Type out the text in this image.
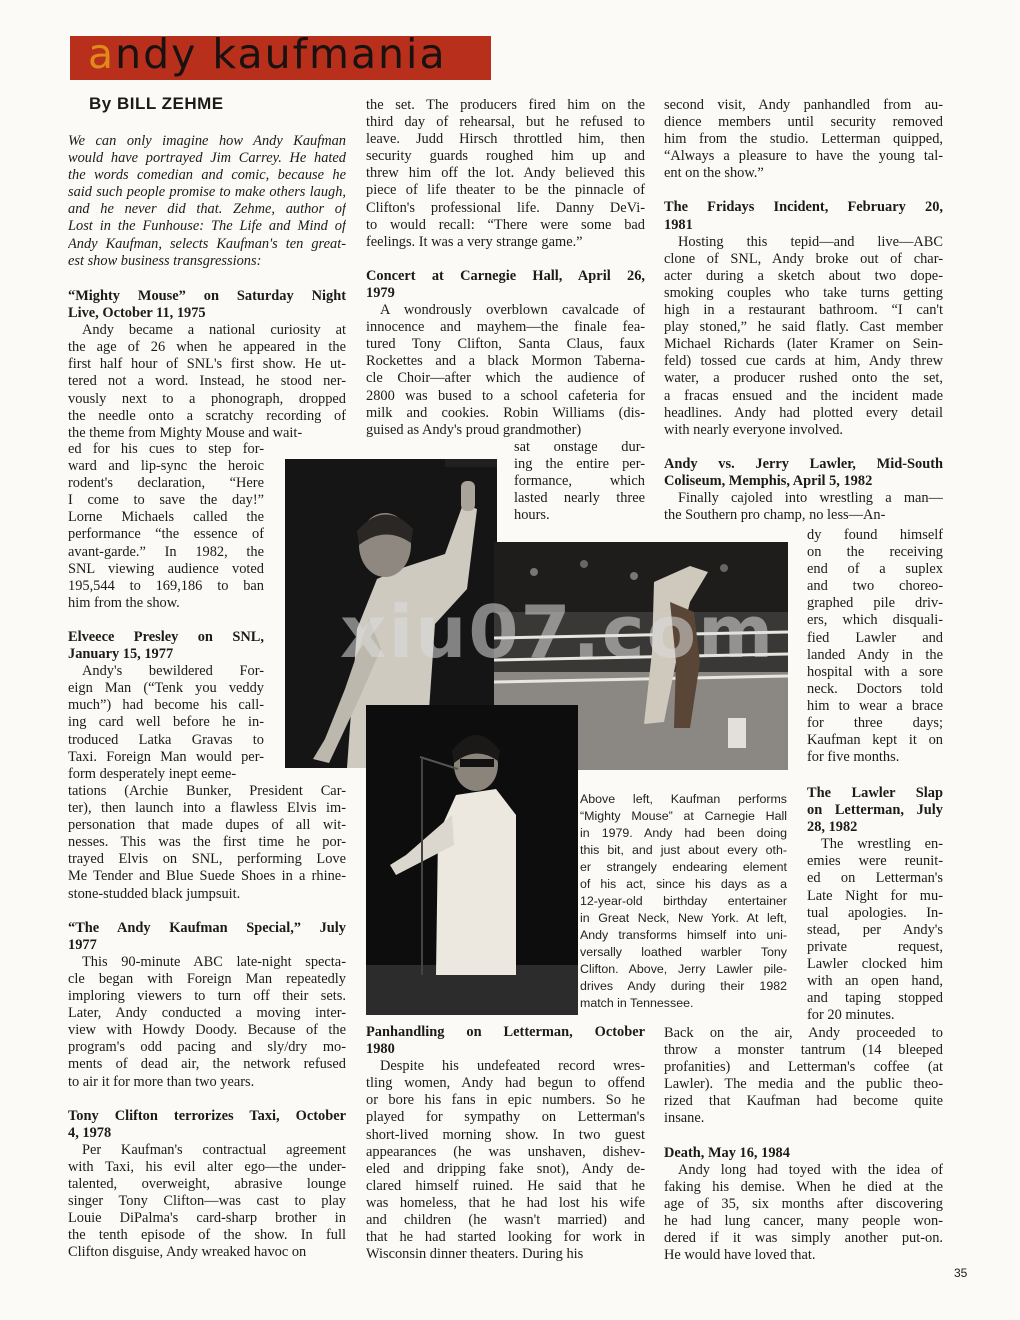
andy kaufmania
By BILL ZEHME
We can only imagine how Andy Kaufman
would have portrayed Jim Carrey. He hated
the words comedian and comic, because he
said such people promise to make others laugh,
and he never did that. Zehme, author of
Lost in the Funhouse: The Life and Mind of
Andy Kaufman, selects Kaufman's ten great-
est show business transgressions:
“Mighty Mouse” on Saturday Night
Live, October 11, 1975
Andy became a national curiosity at
the age of 26 when he appeared in the
first half hour of SNL's first show. He ut-
tered not a word. Instead, he stood ner-
vously next to a phonograph, dropped
the needle onto a scratchy recording of
the theme from Mighty Mouse and wait-
ed for his cues to step for-
ward and lip-sync the heroic
rodent's declaration, “Here
I come to save the day!”
Lorne Michaels called the
performance “the essence of
avant-garde.” In 1982, the
SNL viewing audience voted
195,544 to 169,186 to ban
him from the show.
Elveece Presley on SNL,
January 15, 1977
Andy's bewildered For-
eign Man (“Tenk you veddy
much”) had become his call-
ing card well before he in-
troduced Latka Gravas to
Taxi. Foreign Man would per-
form desperately inept eeme-
tations (Archie Bunker, President Car-
ter), then launch into a flawless Elvis im-
personation that made dupes of all wit-
nesses. This was the first time he por-
trayed Elvis on SNL, performing Love
Me Tender and Blue Suede Shoes in a rhine-
stone-studded black jumpsuit.
“The Andy Kaufman Special,” July
1977
This 90-minute ABC late-night specta-
cle began with Foreign Man repeatedly
imploring viewers to turn off their sets.
Later, Andy conducted a moving inter-
view with Howdy Doody. Because of the
program's odd pacing and sly/dry mo-
ments of dead air, the network refused
to air it for more than two years.
Tony Clifton terrorizes Taxi, October
4, 1978
Per Kaufman's contractual agreement
with Taxi, his evil alter ego—the under-
talented, overweight, abrasive lounge
singer Tony Clifton—was cast to play
Louie DiPalma's card-sharp brother in
the tenth episode of the show. In full
Clifton disguise, Andy wreaked havoc on
the set. The producers fired him on the
third day of rehearsal, but he refused to
leave. Judd Hirsch throttled him, then
security guards roughed him up and
threw him off the lot. Andy believed this
piece of life theater to be the pinnacle of
Clifton's professional life. Danny DeVi-
to would recall: “There were some bad
feelings. It was a very strange game.”
Concert at Carnegie Hall, April 26,
1979
A wondrously overblown cavalcade of
innocence and mayhem—the finale fea-
tured Tony Clifton, Santa Claus, faux
Rockettes and a black Mormon Taberna-
cle Choir—after which the audience of
2800 was bused to a school cafeteria for
milk and cookies. Robin Williams (dis-
guised as Andy's proud grandmother)
sat onstage dur-
ing the entire per-
formance, which
lasted nearly three
hours.
Panhandling on Letterman, October
1980
Despite his undefeated record wres-
tling women, Andy had begun to offend
or bore his fans in epic numbers. So he
played for sympathy on Letterman's
short-lived morning show. In two guest
appearances (he was unshaven, dishev-
eled and dripping fake snot), Andy de-
clared himself ruined. He said that he
was homeless, that he had lost his wife
and children (he wasn't married) and
that he had started looking for work in
Wisconsin dinner theaters. During his
second visit, Andy panhandled from au-
dience members until security removed
him from the studio. Letterman quipped,
“Always a pleasure to have the young tal-
ent on the show.”
The Fridays Incident, February 20,
1981
Hosting this tepid—and live—ABC
clone of SNL, Andy broke out of char-
acter during a sketch about two dope-
smoking couples who take turns getting
high in a restaurant bathroom. “I can't
play stoned,” he said flatly. Cast member
Michael Richards (later Kramer on Sein-
feld) tossed cue cards at him, Andy threw
water, a producer rushed onto the set,
a fracas ensued and the incident made
headlines. Andy had plotted every detail
with nearly everyone involved.
Andy vs. Jerry Lawler, Mid-South
Coliseum, Memphis, April 5, 1982
Finally cajoled into wrestling a man—
the Southern pro champ, no less—An-
dy found himself
on the receiving
end of a suplex
and two choreo-
graphed pile driv-
ers, which disquali-
fied Lawler and
landed Andy in the
hospital with a sore
neck. Doctors told
him to wear a brace
for three days;
Kaufman kept it on
for five months.
The Lawler Slap
on Letterman, July
28, 1982
The wrestling en-
emies were reunit-
ed on Letterman's
Late Night for mu-
tual apologies. In-
stead, per Andy's
private request,
Lawler clocked him
with an open hand,
and taping stopped
for 20 minutes.
Back on the air, Andy proceeded to
throw a monster tantrum (14 bleeped
profanities) and Letterman's coffee (at
Lawler). The media and the public theo-
rized that Kaufman had become quite
insane.
Death, May 16, 1984
Andy long had toyed with the idea of
faking his demise. When he died at the
age of 35, six months after discovering
he had lung cancer, many people won-
dered if it was simply another put-on.
He would have loved that.
Above left, Kaufman performs
“Mighty Mouse” at Carnegie Hall
in 1979. Andy had been doing
this bit, and just about every oth-
er strangely endearing element
of his act, since his days as a
12-year-old birthday entertainer
in Great Neck, New York. At left,
Andy transforms himself into uni-
versally loathed warbler Tony
Clifton. Above, Jerry Lawler pile-
drives Andy during their 1982
match in Tennessee.
xiu07.com
35
